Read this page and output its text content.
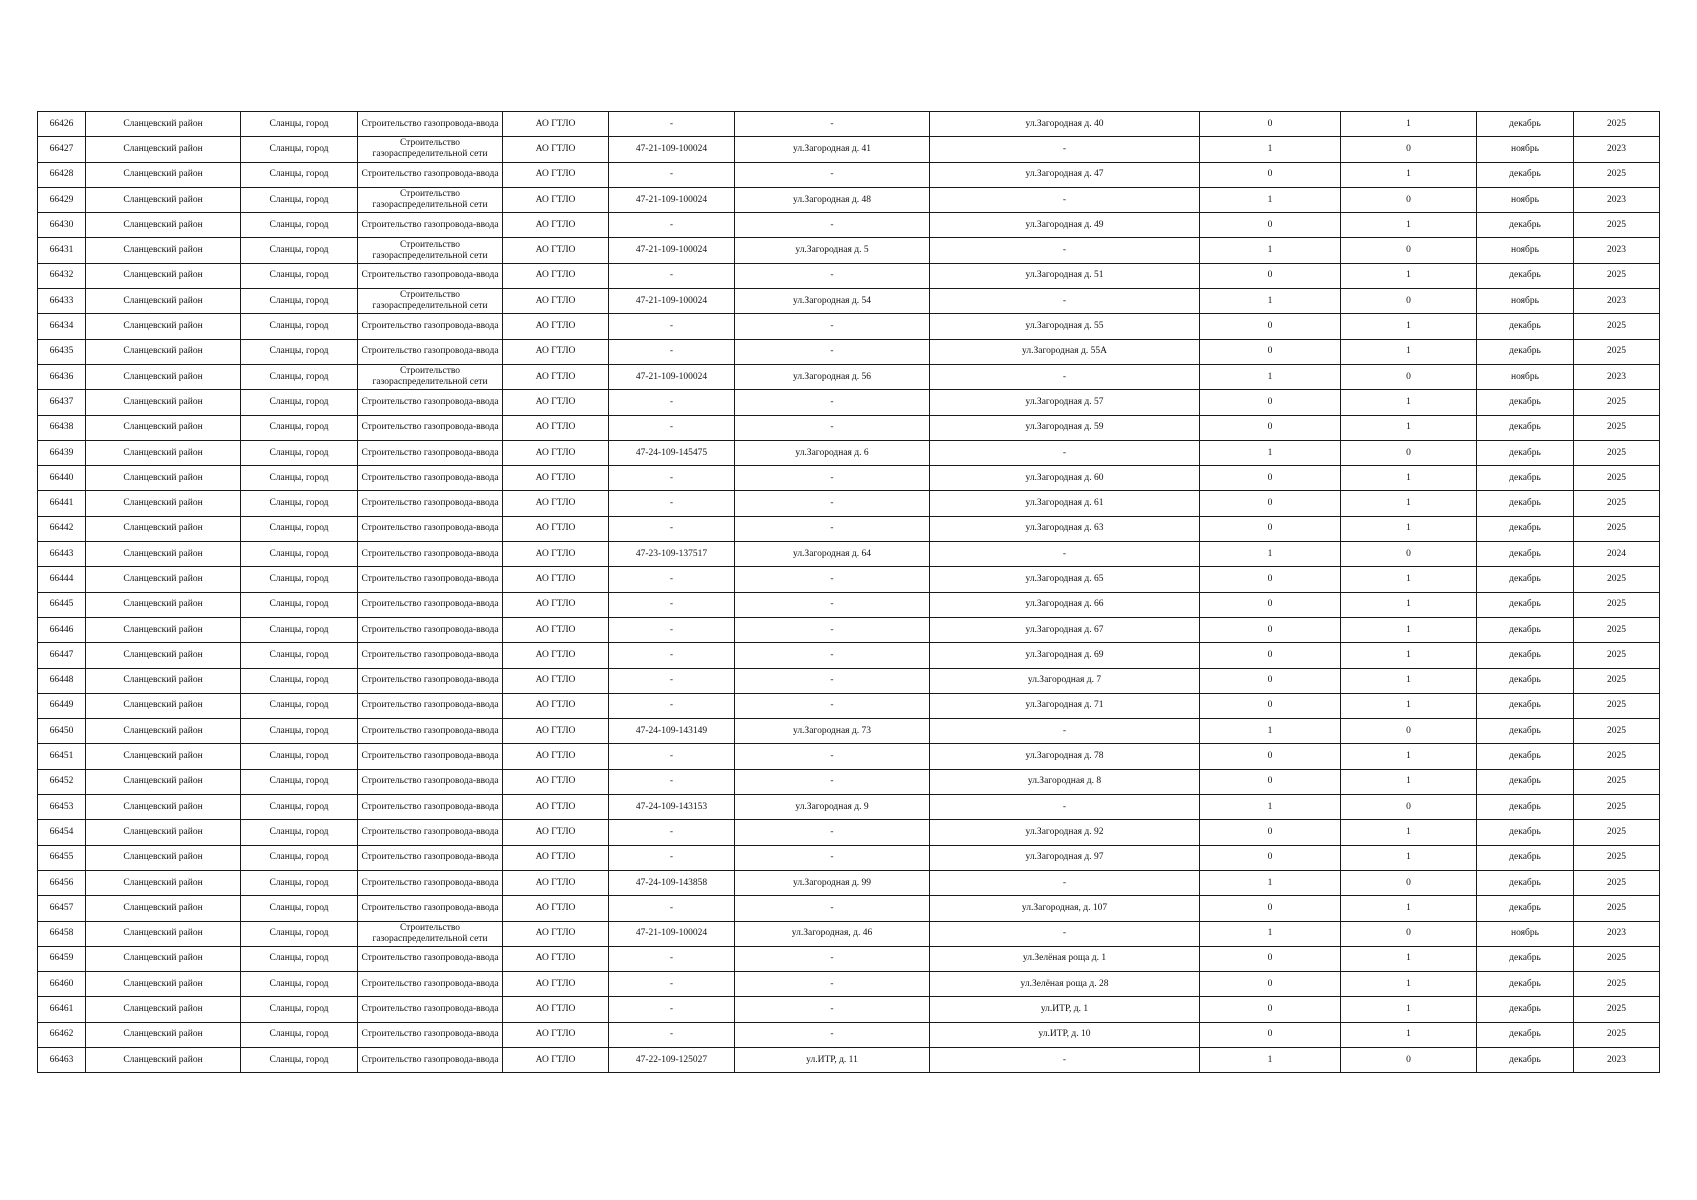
66426	Сланцевский район	Сланцы, город	Строительство газопровода-ввода	АО ГТЛО	-	-	ул.Загородная д. 40	0	1	декабрь	2025
66427	Сланцевский район	Сланцы, город	Строительство газораспределительной сети	АО ГТЛО	47-21-109-100024	ул.Загородная д. 41	-	1	0	ноябрь	2023
66428	Сланцевский район	Сланцы, город	Строительство газопровода-ввода	АО ГТЛО	-	-	ул.Загородная д. 47	0	1	декабрь	2025
66429	Сланцевский район	Сланцы, город	Строительство газораспределительной сети	АО ГТЛО	47-21-109-100024	ул.Загородная д. 48	-	1	0	ноябрь	2023
66430	Сланцевский район	Сланцы, город	Строительство газопровода-ввода	АО ГТЛО	-	-	ул.Загородная д. 49	0	1	декабрь	2025
66431	Сланцевский район	Сланцы, город	Строительство газораспределительной сети	АО ГТЛО	47-21-109-100024	ул.Загородная д. 5	-	1	0	ноябрь	2023
66432	Сланцевский район	Сланцы, город	Строительство газопровода-ввода	АО ГТЛО	-	-	ул.Загородная д. 51	0	1	декабрь	2025
66433	Сланцевский район	Сланцы, город	Строительство газораспределительной сети	АО ГТЛО	47-21-109-100024	ул.Загородная д. 54	-	1	0	ноябрь	2023
66434	Сланцевский район	Сланцы, город	Строительство газопровода-ввода	АО ГТЛО	-	-	ул.Загородная д. 55	0	1	декабрь	2025
66435	Сланцевский район	Сланцы, город	Строительство газопровода-ввода	АО ГТЛО	-	-	ул.Загородная д. 55А	0	1	декабрь	2025
66436	Сланцевский район	Сланцы, город	Строительство газораспределительной сети	АО ГТЛО	47-21-109-100024	ул.Загородная д. 56	-	1	0	ноябрь	2023
66437	Сланцевский район	Сланцы, город	Строительство газопровода-ввода	АО ГТЛО	-	-	ул.Загородная д. 57	0	1	декабрь	2025
66438	Сланцевский район	Сланцы, город	Строительство газопровода-ввода	АО ГТЛО	-	-	ул.Загородная д. 59	0	1	декабрь	2025
66439	Сланцевский район	Сланцы, город	Строительство газопровода-ввода	АО ГТЛО	47-24-109-145475	ул.Загородная д. 6	-	1	0	декабрь	2025
66440	Сланцевский район	Сланцы, город	Строительство газопровода-ввода	АО ГТЛО	-	-	ул.Загородная д. 60	0	1	декабрь	2025
66441	Сланцевский район	Сланцы, город	Строительство газопровода-ввода	АО ГТЛО	-	-	ул.Загородная д. 61	0	1	декабрь	2025
66442	Сланцевский район	Сланцы, город	Строительство газопровода-ввода	АО ГТЛО	-	-	ул.Загородная д. 63	0	1	декабрь	2025
66443	Сланцевский район	Сланцы, город	Строительство газопровода-ввода	АО ГТЛО	47-23-109-137517	ул.Загородная д. 64	-	1	0	декабрь	2024
66444	Сланцевский район	Сланцы, город	Строительство газопровода-ввода	АО ГТЛО	-	-	ул.Загородная д. 65	0	1	декабрь	2025
66445	Сланцевский район	Сланцы, город	Строительство газопровода-ввода	АО ГТЛО	-	-	ул.Загородная д. 66	0	1	декабрь	2025
66446	Сланцевский район	Сланцы, город	Строительство газопровода-ввода	АО ГТЛО	-	-	ул.Загородная д. 67	0	1	декабрь	2025
66447	Сланцевский район	Сланцы, город	Строительство газопровода-ввода	АО ГТЛО	-	-	ул.Загородная д. 69	0	1	декабрь	2025
66448	Сланцевский район	Сланцы, город	Строительство газопровода-ввода	АО ГТЛО	-	-	ул.Загородная д. 7	0	1	декабрь	2025
66449	Сланцевский район	Сланцы, город	Строительство газопровода-ввода	АО ГТЛО	-	-	ул.Загородная д. 71	0	1	декабрь	2025
66450	Сланцевский район	Сланцы, город	Строительство газопровода-ввода	АО ГТЛО	47-24-109-143149	ул.Загородная д. 73	-	1	0	декабрь	2025
66451	Сланцевский район	Сланцы, город	Строительство газопровода-ввода	АО ГТЛО	-	-	ул.Загородная д. 78	0	1	декабрь	2025
66452	Сланцевский район	Сланцы, город	Строительство газопровода-ввода	АО ГТЛО	-	-	ул.Загородная д. 8	0	1	декабрь	2025
66453	Сланцевский район	Сланцы, город	Строительство газопровода-ввода	АО ГТЛО	47-24-109-143153	ул.Загородная д. 9	-	1	0	декабрь	2025
66454	Сланцевский район	Сланцы, город	Строительство газопровода-ввода	АО ГТЛО	-	-	ул.Загородная д. 92	0	1	декабрь	2025
66455	Сланцевский район	Сланцы, город	Строительство газопровода-ввода	АО ГТЛО	-	-	ул.Загородная д. 97	0	1	декабрь	2025
66456	Сланцевский район	Сланцы, город	Строительство газопровода-ввода	АО ГТЛО	47-24-109-143858	ул.Загородная д. 99	-	1	0	декабрь	2025
66457	Сланцевский район	Сланцы, город	Строительство газопровода-ввода	АО ГТЛО	-	-	ул.Загородная, д. 107	0	1	декабрь	2025
66458	Сланцевский район	Сланцы, город	Строительство газораспределительной сети	АО ГТЛО	47-21-109-100024	ул.Загородная, д. 46	-	1	0	ноябрь	2023
66459	Сланцевский район	Сланцы, город	Строительство газопровода-ввода	АО ГТЛО	-	-	ул.Зелёная роща д. 1	0	1	декабрь	2025
66460	Сланцевский район	Сланцы, город	Строительство газопровода-ввода	АО ГТЛО	-	-	ул.Зелёная роща д. 28	0	1	декабрь	2025
66461	Сланцевский район	Сланцы, город	Строительство газопровода-ввода	АО ГТЛО	-	-	ул.ИТР, д. 1	0	1	декабрь	2025
66462	Сланцевский район	Сланцы, город	Строительство газопровода-ввода	АО ГТЛО	-	-	ул.ИТР, д. 10	0	1	декабрь	2025
66463	Сланцевский район	Сланцы, город	Строительство газопровода-ввода	АО ГТЛО	47-22-109-125027	ул.ИТР, д. 11	-	1	0	декабрь	2023
